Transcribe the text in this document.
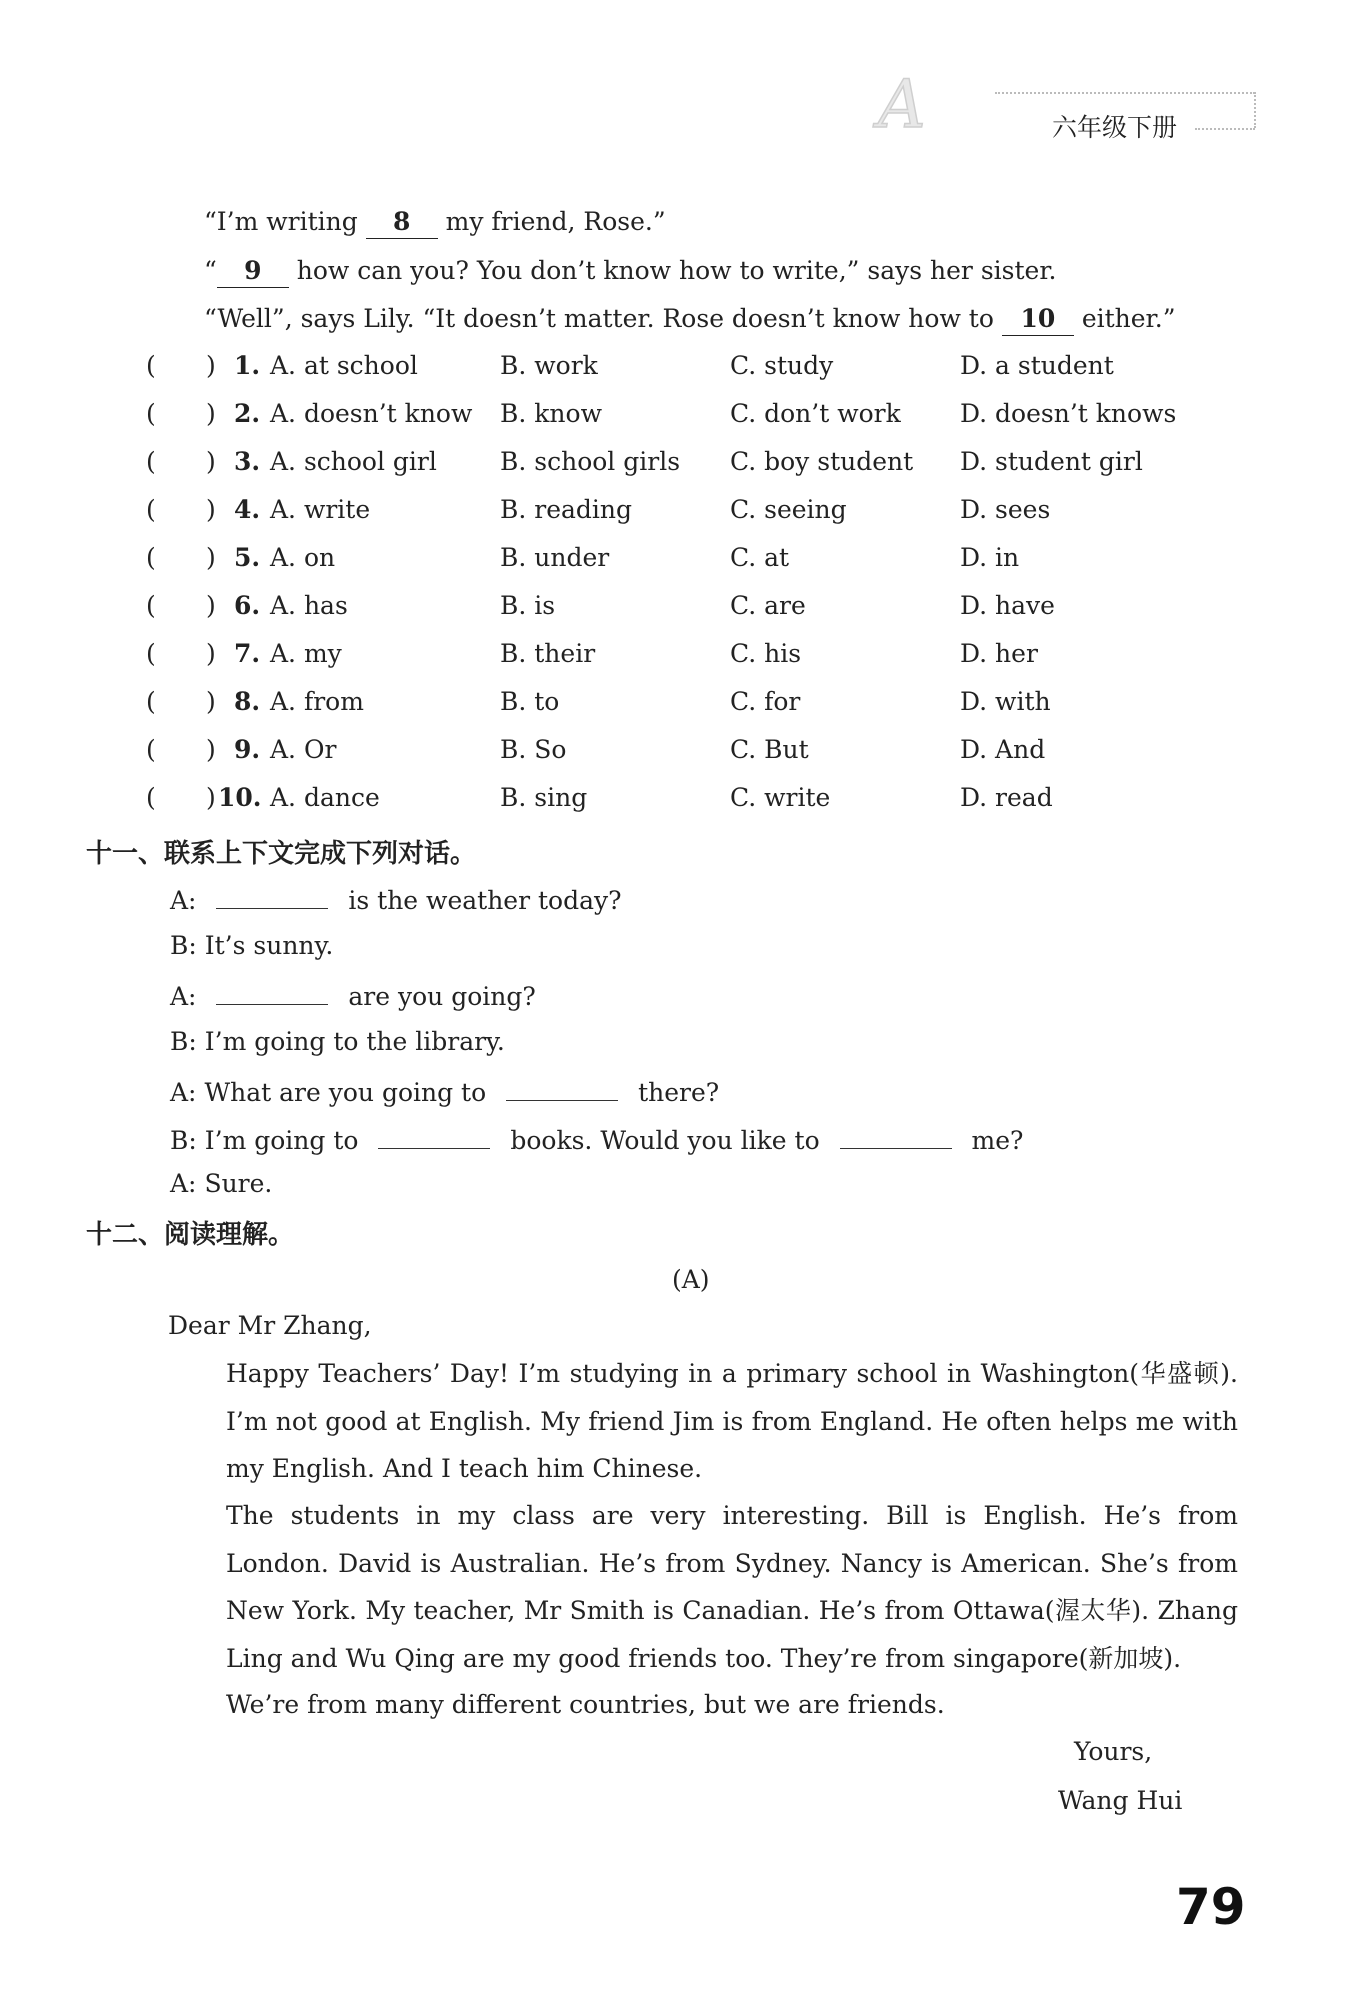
A	六年级下册
“I’m writing 8 my friend, Rose.”
“ 9 how can you? You don’t know how to write,” says her sister.
“Well”, says Lily. “It doesn’t matter. Rose doesn’t know how to 10 either.”
( ) 1. A. at school	B. work	C. study	D. a student
( ) 2. A. doesn’t know B. know	C. don’t work D. doesn’t knows
( ) 3. A. school girl	B. school girls C. boy student D. student girl
( ) 4. A. write	B. reading	C. seeing	D. sees
( ) 5. A. on	B. under	C. at	D. in
( ) 6. A. has	B. is	C. are	D. have
( ) 7. A. my	B. their	C. his	D. her
( ) 8. A. from	B. to	C. for	D. with
( ) 9. A. Or	B. So	C. But	D. And
( ) 10. A. dance	B. sing	C. write	D. read
十一、联系上下文完成下列对话。
A:	is the weather today?
B: It’s sunny.
A:	are you going?
B: I’m going to the library.
A: What are you going to	there?
B: I’m going to	books. Would you like to	me?
A: Sure.
十二、阅读理解。
(A)
Dear Mr Zhang,
Happy Teachers’ Day! I’m studying in a primary school in Washington(华盛顿). I’m not good at English. My friend Jim is from England. He often helps me with my English. And I teach him Chinese.
The students in my class are very interesting. Bill is English. He’s from London. David is Australian. He’s from Sydney. Nancy is American. She’s from New York. My teacher, Mr Smith is Canadian. He’s from Ottawa(渥太华). Zhang Ling and Wu Qing are my good friends too. They’re from singapore(新加坡).
We’re from many different countries, but we are friends.
Yours,
Wang Hui
79
